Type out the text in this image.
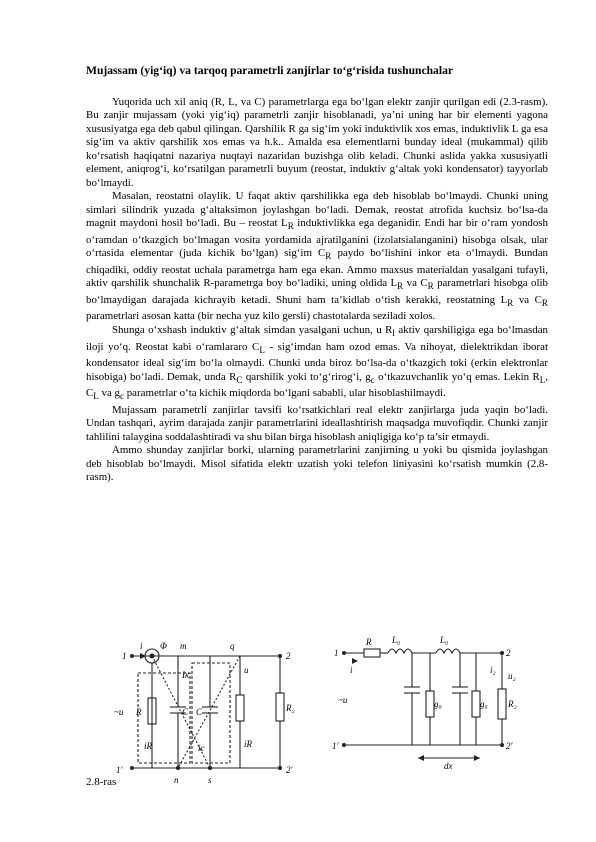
Mujassam (yig‘iq) va tarqoq parametrli zanjirlar to‘g‘risida tushunchalar

Yuqorida uch xil aniq (R, L, va C) parametrlarga ega bo‘lgan elektr zanjir qurilgan edi (2.3-rasm). Bu zanjir mujassam (yoki yig‘iq) parametrli zanjir hisoblanadi, ya’ni uning har bir elementi yagona xususiyatga ega deb qabul qilingan. Qarshilik R ga sig‘im yoki induktivlik xos emas, induktivlik L ga esa sig‘im va aktiv qarshilik xos emas va h.k.. Amalda esa elementlarni bunday ideal (mukammal) qilib ko‘rsatish haqiqatni nazariya nuqtayi nazaridan buzishga olib keladi. Chunki aslida yakka xususiyatli element, aniqrog‘i, ko‘rsatilgan parametrli buyum (reostat, induktiv g‘altak yoki kondensator) tayyorlab bo‘lmaydi.

Masalan, reostatni olaylik. U faqat aktiv qarshilikka ega deb hisoblab bo‘lmaydi. Chunki uning simlari silindrik yuzada g‘altaksimon joylashgan bo‘ladi. Demak, reostat atrofida kuchsiz bo‘lsa-da magnit maydoni hosil bo‘ladi. Bu – reostat $L_R$ induktivlikka ega deganidir. Endi har bir o‘ram yondosh o‘ramdan o‘tkazgich bo‘lmagan vosita yordamida ajratilganini (izolatsialanganini) hisobga olsak, ular o‘rtasida elementar (juda kichik bo‘lgan) sig‘im $C_R$ paydo bo‘lishini inkor eta o‘lmaydi. Bundan chiqadiki, oddiy reostat uchala parametrga ham ega ekan. Ammo maxsus materialdan yasalgani tufayli, aktiv qarshilik shunchalik R-parametrga boy bo‘ladiki, uning oldida $L_R$ va $C_R$ parametrlari hisobga olib bo‘lmaydigan darajada kichrayib ketadi. Shuni ham ta’kidlab o‘tish kerakki, reostatning $L_R$ va $C_R$ parametrlari asosan katta (bir necha yuz kilo gersli) chastotalarda seziladi xolos.

Shunga o‘xshash induktiv g‘altak simdan yasalgani uchun, u $R_l$ aktiv qarshiligiga ega bo‘lmasdan iloji yo‘q. Reostat kabi o‘ramlararo $C_L$ - sig‘imdan ham ozod emas. Va nihoyat, dielektrikdan iborat kondensator ideal sig‘im bo‘la olmaydi. Chunki unda biroz bo‘lsa-da o‘tkazgich toki (erkin elektronlar hisobiga) bo‘ladi. Demak, unda $R_C$ qarshilik yoki to‘g‘rirog‘i, $g_c$ o‘tkazuvchanlik yo‘q emas. Lekin $R_L$, $C_L$ va $g_c$ parametrlar o‘ta kichik miqdorda bo‘lgani sababli, ular hisoblashilmaydi.

Mujassam parametrli zanjirlar tavsifi ko‘rsatkichlari real elektr zanjirlarga juda yaqin bo‘ladi. Undan tashqari, ayrim darajada zanjir parametrlarini ideallashtirish maqsadga muvofiqdir. Chunki zanjir tahlilini talaygina soddalashtiradi va shu bilan birga hisoblash aniqligiga ko‘p ta’sir etmaydi.

Ammo shunday zanjirlar borki, ularning parametrlarini zanjirning u yoki bu qismida joylashgan deb hisoblab bo‘lmaydi. Misol sifatida elektr uzatish yoki telefon liniyasini ko‘rsatish mumkin (2.8-rasm).

1
i Φ m	q
2
Iк	u
~u R	C C	R₂
iR	ic	iR
1'
n	s
2'
1
R L₀	L₀
2
i	i₂
u₂
~u	g₀	g₀ R₂
1'
dx
2'
2.8-ras
